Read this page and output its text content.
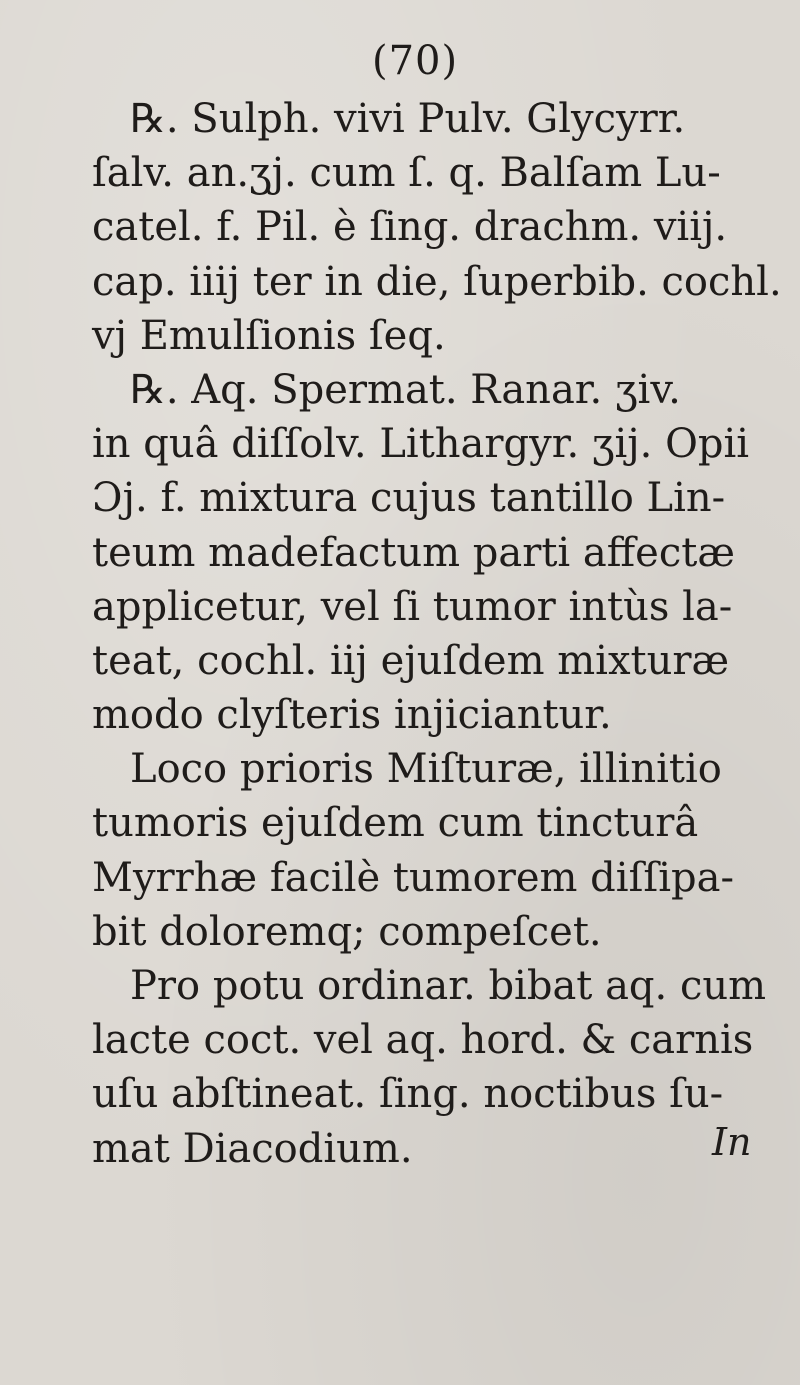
(70)
℞. Sulph. vivi Pulv. Glycyrr.
ſalv. an.ʒj. cum ſ. q. Balſam Lu-
catel. f. Pil. è ſing. drachm. viij.
cap. iiij ter in die, ſuperbib. cochl.
vj Emulſionis ſeq.
℞. Aq. Spermat. Ranar. ʒiv.
in quâ diſſolv. Lithargyr. ʒij. Opii
Ɔj. f. mixtura cujus tantillo Lin-
teum madefactum parti affectæ
applicetur, vel ſi tumor intùs la-
teat, cochl. iij ejuſdem mixturæ
modo clyſteris injiciantur.
Loco prioris Miſturæ, illinitio
tumoris ejuſdem cum tincturâ
Myrrhæ facilè tumorem diſſipa-
bit doloremq; compeſcet.
Pro potu ordinar. bibat aq. cum
lacte coct. vel aq. hord. & carnis
uſu abſtineat. ſing. noctibus ſu-
mat Diacodium.	In
